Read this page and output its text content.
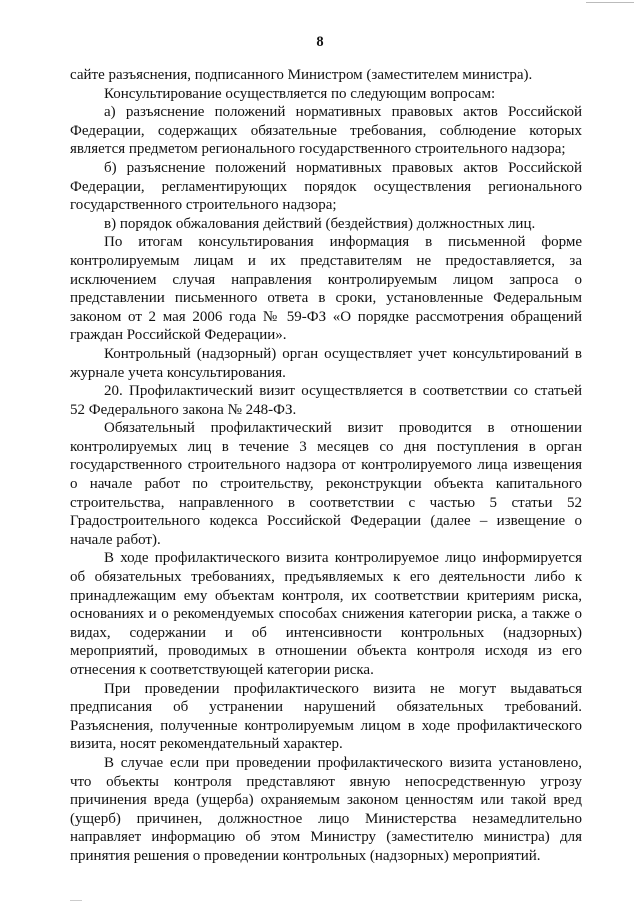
8

сайте разъяснения, подписанного Министром (заместителем министра).

Консультирование осуществляется по следующим вопросам:

а) разъяснение положений нормативных правовых актов Российской Федерации, содержащих обязательные требования, соблюдение которых является предметом регионального государственного строительного надзора;

б) разъяснение положений нормативных правовых актов Российской Федерации, регламентирующих порядок осуществления регионального государственного строительного надзора;

в) порядок обжалования действий (бездействия) должностных лиц.

По итогам консультирования информация в письменной форме контролируемым лицам и их представителям не предоставляется, за исключением случая направления контролируемым лицом запроса о представлении письменного ответа в сроки, установленные Федеральным законом от 2 мая 2006 года № 59-ФЗ «О порядке рассмотрения обращений граждан Российской Федерации».

Контрольный (надзорный) орган осуществляет учет консультирований в журнале учета консультирования.

20. Профилактический визит осуществляется в соответствии со статьей 52 Федерального закона № 248-ФЗ.

Обязательный профилактический визит проводится в отношении контролируемых лиц в течение 3 месяцев со дня поступления в орган государственного строительного надзора от контролируемого лица извещения о начале работ по строительству, реконструкции объекта капитального строительства, направленного в соответствии с частью 5 статьи 52 Градостроительного кодекса Российской Федерации (далее – извещение о начале работ).

В ходе профилактического визита контролируемое лицо информируется об обязательных требованиях, предъявляемых к его деятельности либо к принадлежащим ему объектам контроля, их соответствии критериям риска, основаниях и о рекомендуемых способах снижения категории риска, а также о видах, содержании и об интенсивности контрольных (надзорных) мероприятий, проводимых в отношении объекта контроля исходя из его отнесения к соответствующей категории риска.

При проведении профилактического визита не могут выдаваться предписания об устранении нарушений обязательных требований. Разъяснения, полученные контролируемым лицом в ходе профилактического визита, носят рекомендательный характер.

В случае если при проведении профилактического визита установлено, что объекты контроля представляют явную непосредственную угрозу причинения вреда (ущерба) охраняемым законом ценностям или такой вред (ущерб) причинен, должностное лицо Министерства незамедлительно направляет информацию об этом Министру (заместителю министра) для принятия решения о проведении контрольных (надзорных) мероприятий.
